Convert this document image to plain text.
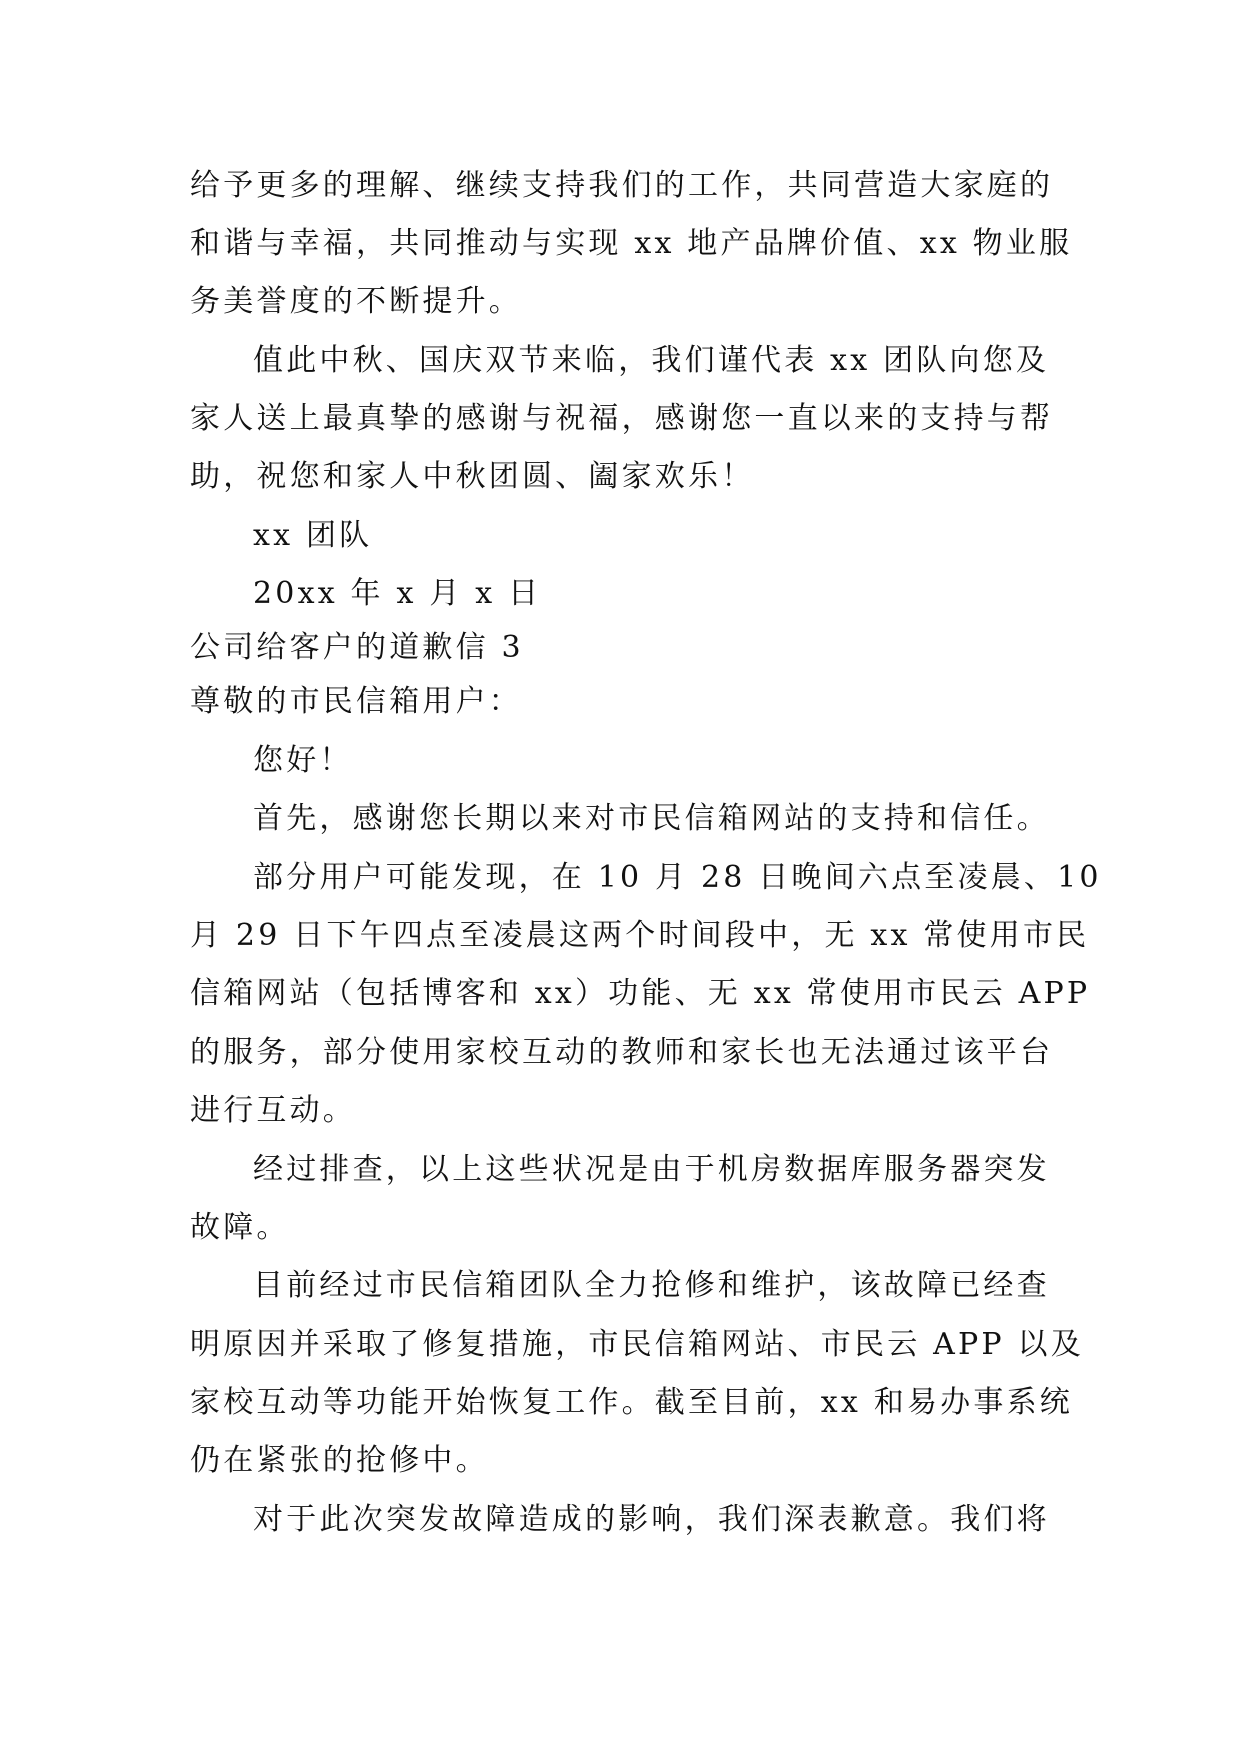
给予更多的理解、继续支持我们的工作，共同营造大家庭的
和谐与幸福，共同推动与实现 xx 地产品牌价值、xx 物业服
务美誉度的不断提升。
值此中秋、国庆双节来临，我们谨代表 xx 团队向您及
家人送上最真挚的感谢与祝福，感谢您一直以来的支持与帮
助，祝您和家人中秋团圆、阖家欢乐！
xx 团队
20xx 年 x 月 x 日
公司给客户的道歉信 3
尊敬的市民信箱用户：
您好！
首先，感谢您长期以来对市民信箱网站的支持和信任。
部分用户可能发现，在 10 月 28 日晚间六点至凌晨、10
月 29 日下午四点至凌晨这两个时间段中，无 xx 常使用市民
信箱网站（包括博客和 xx）功能、无 xx 常使用市民云 APP
的服务，部分使用家校互动的教师和家长也无法通过该平台
进行互动。
经过排查，以上这些状况是由于机房数据库服务器突发
故障。
目前经过市民信箱团队全力抢修和维护，该故障已经查
明原因并采取了修复措施，市民信箱网站、市民云 APP 以及
家校互动等功能开始恢复工作。截至目前，xx 和易办事系统
仍在紧张的抢修中。
对于此次突发故障造成的影响，我们深表歉意。我们将
